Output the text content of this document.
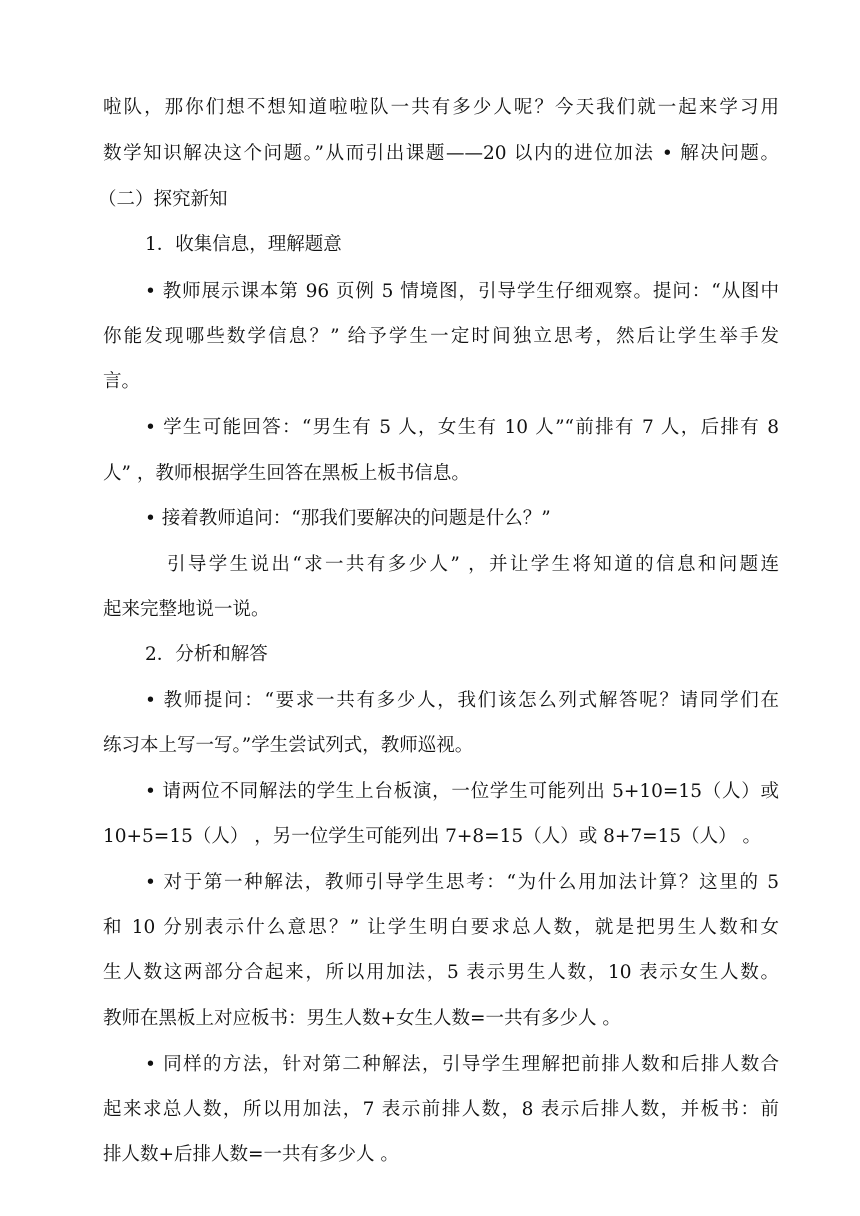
啦队，那你们想不想知道啦啦队一共有多少人呢？今天我们就一起来学习用
数学知识解决这个问题。”从而引出课题——20 以内的进位加法 • 解决问题。
（二）探究新知
1．收集信息，理解题意
• 教师展示课本第 96 页例 5 情境图，引导学生仔细观察。提问：“从图中
你能发现哪些数学信息？” 给予学生一定时间独立思考，然后让学生举手发
言。
• 学生可能回答：“男生有 5 人，女生有 10 人”“前排有 7 人，后排有 8
人” ，教师根据学生回答在黑板上板书信息。
• 接着教师追问：“那我们要解决的问题是什么？”
引导学生说出“求一共有多少人” ，并让学生将知道的信息和问题连
起来完整地说一说。
2．分析和解答
• 教师提问：“要求一共有多少人，我们该怎么列式解答呢？请同学们在
练习本上写一写。”学生尝试列式，教师巡视。
• 请两位不同解法的学生上台板演，一位学生可能列出 5+10=15（人）或
10+5=15（人） ，另一位学生可能列出 7+8=15（人）或 8+7=15（人） 。
• 对于第一种解法，教师引导学生思考：“为什么用加法计算？这里的 5
和 10 分别表示什么意思？” 让学生明白要求总人数，就是把男生人数和女
生人数这两部分合起来，所以用加法，5 表示男生人数，10 表示女生人数。
教师在黑板上对应板书：男生人数+女生人数=一共有多少人 。
• 同样的方法，针对第二种解法，引导学生理解把前排人数和后排人数合
起来求总人数，所以用加法，7 表示前排人数，8 表示后排人数，并板书：前
排人数+后排人数=一共有多少人 。
